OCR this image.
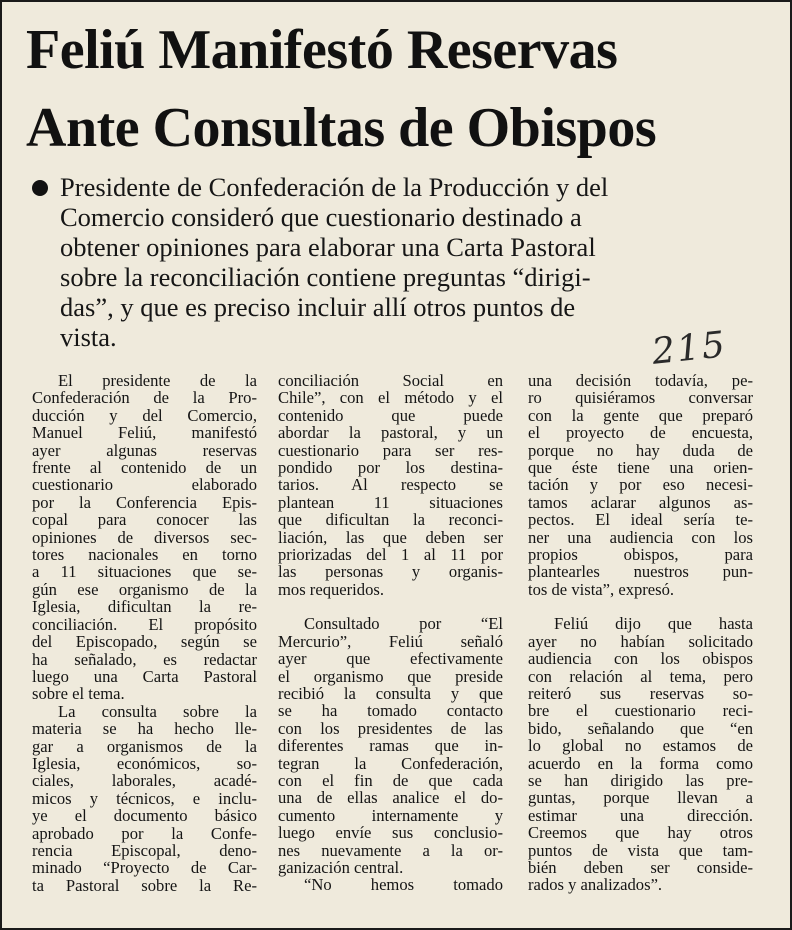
Feliú Manifestó Reservas
Ante Consultas de Obispos
Presidente de Confederación de la Producción y del
Comercio consideró que cuestionario destinado a
obtener opiniones para elaborar una Carta Pastoral
sobre la reconciliación contiene preguntas “dirigi-
das”, y que es preciso incluir allí otros puntos de
vista.	215
El presidente de la
Confederación de la Pro-
ducción y del Comercio,
Manuel Feliú, manifestó
ayer algunas reservas
frente al contenido de un
cuestionario elaborado
por la Conferencia Epis-
copal para conocer las
opiniones de diversos sec-
tores nacionales en torno
a 11 situaciones que se-
gún ese organismo de la
Iglesia, dificultan la re-
conciliación. El propósito
del Episcopado, según se
ha señalado, es redactar
luego una Carta Pastoral
sobre el tema.
La consulta sobre la
materia se ha hecho lle-
gar a organismos de la
Iglesia, económicos, so-
ciales, laborales, acadé-
micos y técnicos, e inclu-
ye el documento básico
aprobado por la Confe-
rencia Episcopal, deno-
minado “Proyecto de Car-
ta Pastoral sobre la Re-
conciliación Social en
Chile”, con el método y el
contenido que puede
abordar la pastoral, y un
cuestionario para ser res-
pondido por los destina-
tarios. Al respecto se
plantean 11 situaciones
que dificultan la reconci-
liación, las que deben ser
priorizadas del 1 al 11 por
las personas y organis-
mos requeridos.
Consultado por “El
Mercurio”, Feliú señaló
ayer que efectivamente
el organismo que preside
recibió la consulta y que
se ha tomado contacto
con los presidentes de las
diferentes ramas que in-
tegran la Confederación,
con el fin de que cada
una de ellas analice el do-
cumento internamente y
luego envíe sus conclusio-
nes nuevamente a la or-
ganización central.
“No hemos tomado
una decisión todavía, pe-
ro quisiéramos conversar
con la gente que preparó
el proyecto de encuesta,
porque no hay duda de
que éste tiene una orien-
tación y por eso necesi-
tamos aclarar algunos as-
pectos. El ideal sería te-
ner una audiencia con los
propios obispos, para
plantearles nuestros pun-
tos de vista”, expresó.
Feliú dijo que hasta
ayer no habían solicitado
audiencia con los obispos
con relación al tema, pero
reiteró sus reservas so-
bre el cuestionario reci-
bido, señalando que “en
lo global no estamos de
acuerdo en la forma como
se han dirigido las pre-
guntas, porque llevan a
estimar una dirección.
Creemos que hay otros
puntos de vista que tam-
bién deben ser conside-
rados y analizados”.
